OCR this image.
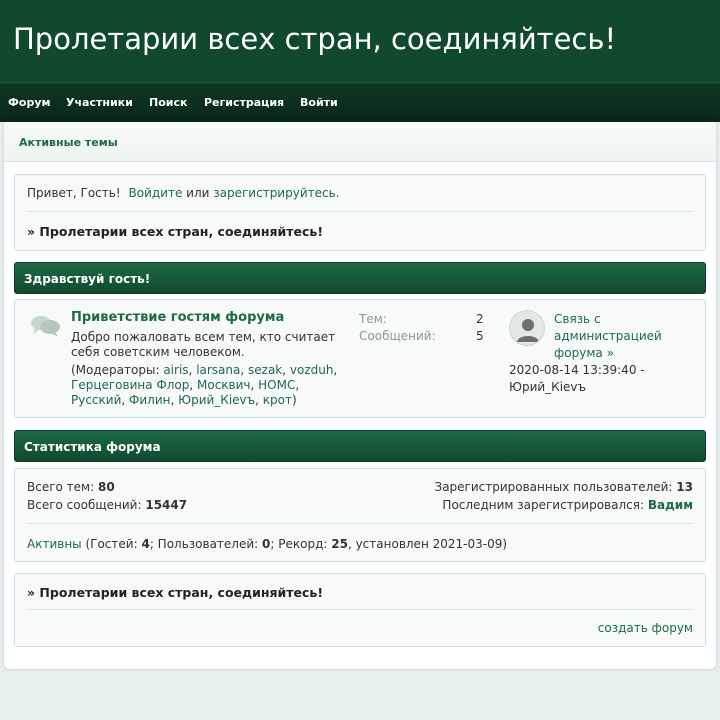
Пролетарии всех стран, соединяйтесь!
Форум Участники Поиск Регистрация Войти
Активные темы
Привет, Гость! Войдите или зарегистрируйтесь.
» Пролетарии всех стран, соединяйтесь!
Здравствуй гость!
Приветствие гостям форума
Добро пожаловать всем тем, кто считает
себя советским человеком.
(Модераторы: airis, larsana, sezak, vozduh,
Герцеговина Флор, Москвич, НОМС,
Русский, Филин, Юрий_Кievъ, крот)
Тем:	2
Сообщений:	5
Связь с
администрацией
форума »
2020-08-14 13:39:40 -
Юрий_Кievъ
Статистика форума
Всего тем: 80
Всего сообщений: 15447
Зарегистрированных пользователей: 13
Последним зарегистрировался: Вадим
Активны (Гостей: 4; Пользователей: 0; Рекорд: 25, установлен 2021-03-09)
» Пролетарии всех стран, соединяйтесь!
создать форум
